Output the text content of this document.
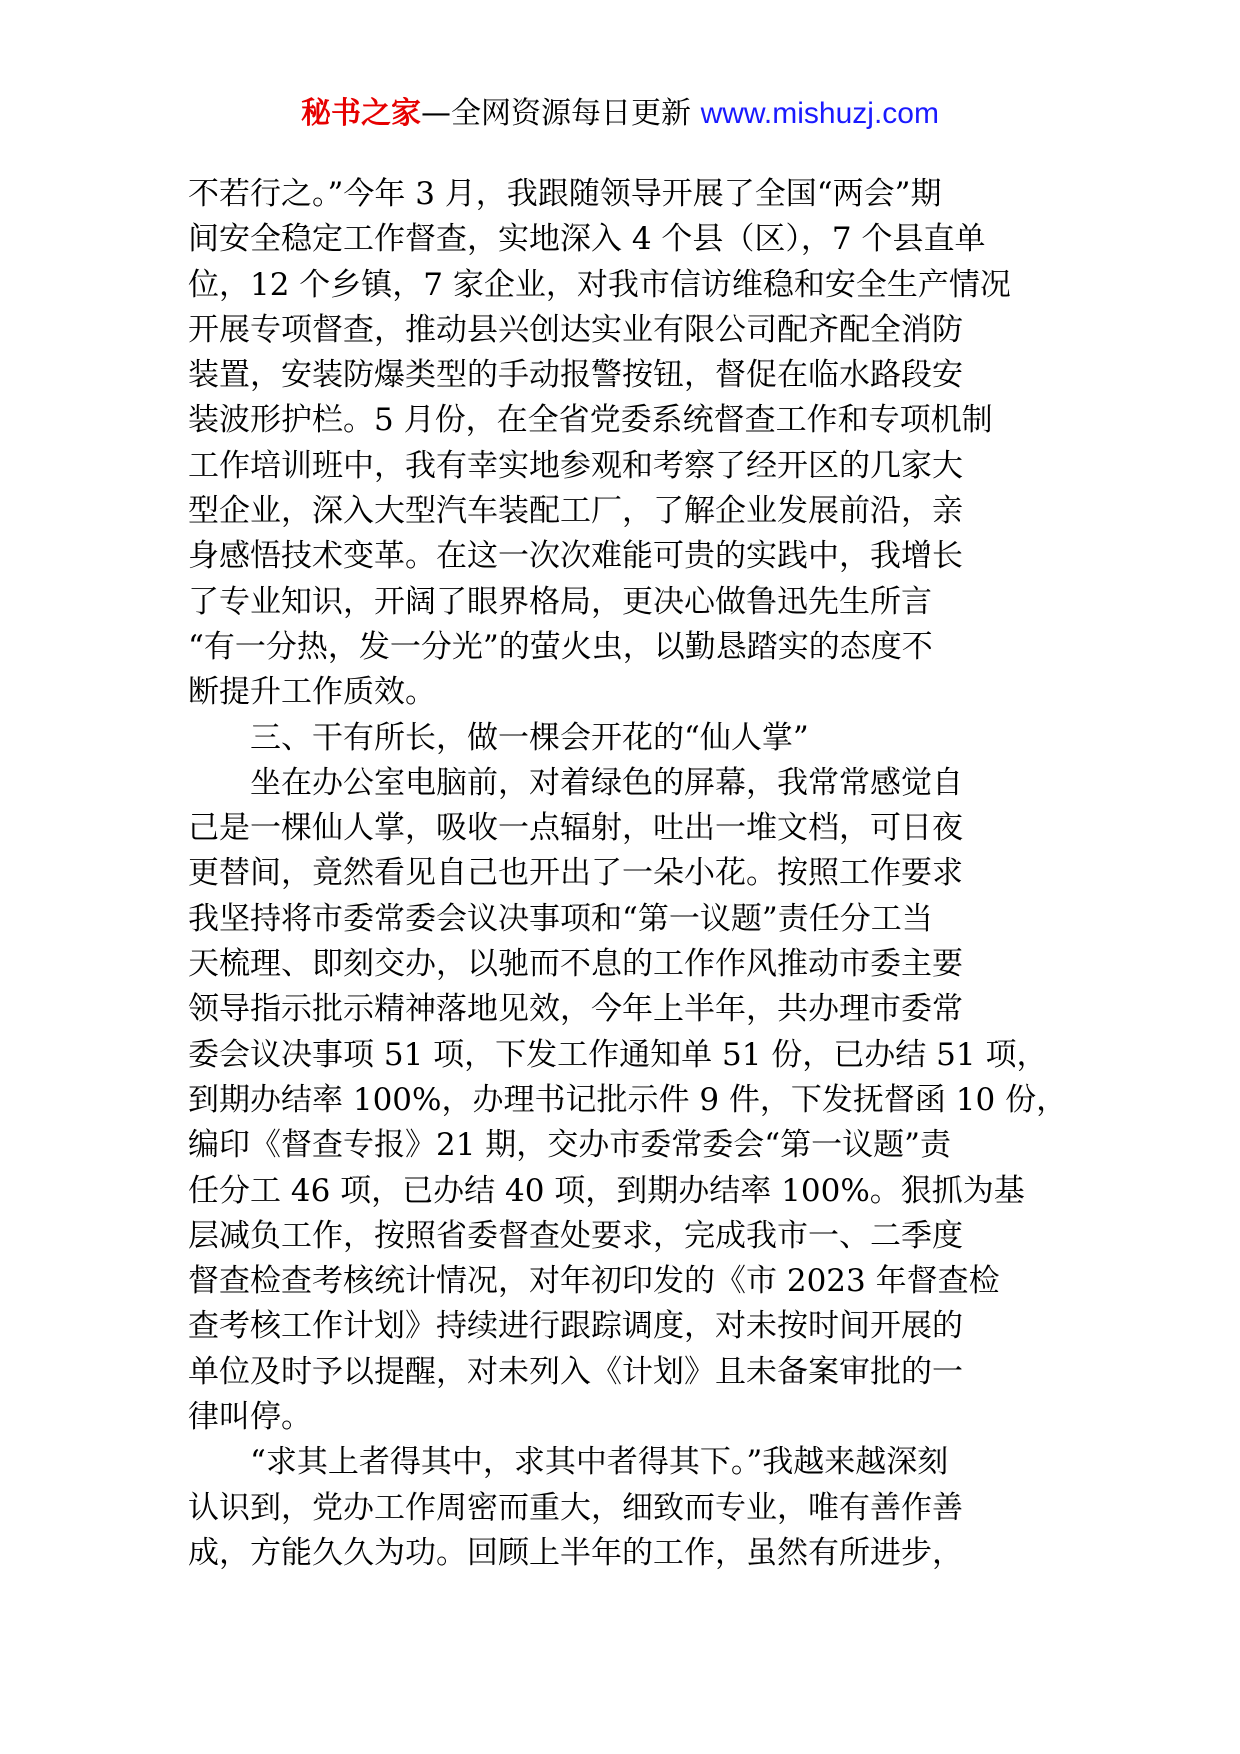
秘书之家—全网资源每日更新 www.mishuzj.com
不若行之。”今年 3 月，我跟随领导开展了全国“两会”期
间安全稳定工作督查，实地深入 4 个县（区），7 个县直单
位，12 个乡镇，7 家企业，对我市信访维稳和安全生产情况
开展专项督查，推动县兴创达实业有限公司配齐配全消防
装置，安装防爆类型的手动报警按钮，督促在临水路段安
装波形护栏。5 月份，在全省党委系统督查工作和专项机制
工作培训班中，我有幸实地参观和考察了经开区的几家大
型企业，深入大型汽车装配工厂，了解企业发展前沿，亲
身感悟技术变革。在这一次次难能可贵的实践中，我增长
了专业知识，开阔了眼界格局，更决心做鲁迅先生所言
“有一分热，发一分光”的萤火虫，以勤恳踏实的态度不
断提升工作质效。
三、干有所长，做一棵会开花的“仙人掌”
坐在办公室电脑前，对着绿色的屏幕，我常常感觉自
己是一棵仙人掌，吸收一点辐射，吐出一堆文档，可日夜
更替间，竟然看见自己也开出了一朵小花。按照工作要求
我坚持将市委常委会议决事项和“第一议题”责任分工当
天梳理、即刻交办，以驰而不息的工作作风推动市委主要
领导指示批示精神落地见效，今年上半年，共办理市委常
委会议决事项 51 项，下发工作通知单 51 份，已办结 51 项，
到期办结率 100%，办理书记批示件 9 件，下发抚督函 10 份，
编印《督查专报》21 期，交办市委常委会“第一议题”责
任分工 46 项，已办结 40 项，到期办结率 100%。狠抓为基
层减负工作，按照省委督查处要求，完成我市一、二季度
督查检查考核统计情况，对年初印发的《市 2023 年督查检
查考核工作计划》持续进行跟踪调度，对未按时间开展的
单位及时予以提醒，对未列入《计划》且未备案审批的一
律叫停。
“求其上者得其中，求其中者得其下。”我越来越深刻
认识到，党办工作周密而重大，细致而专业，唯有善作善
成，方能久久为功。回顾上半年的工作，虽然有所进步，
